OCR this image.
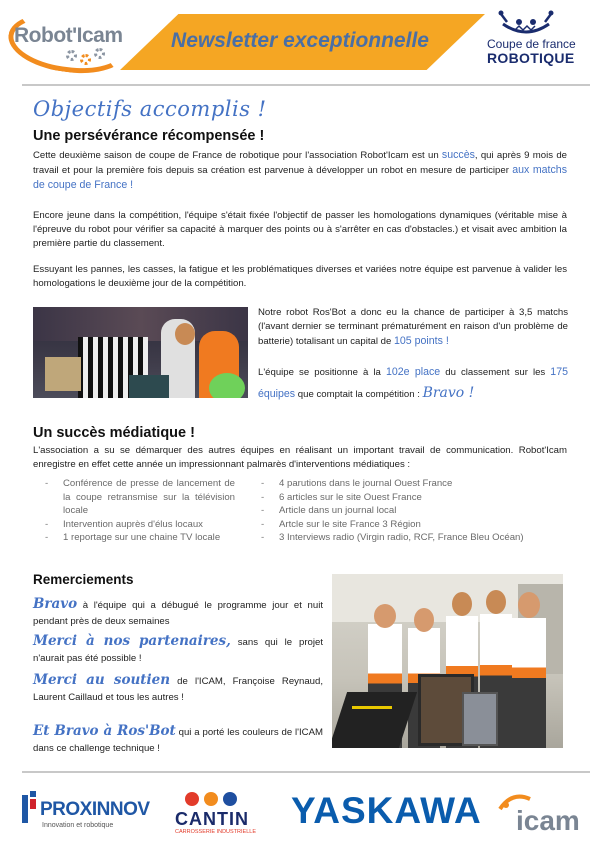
Robot'Icam	Newsletter exceptionnelle	Coupe de france
ROBOTIQUE
Objectifs accomplis !
Une persévérance récompensée !
Cette deuxième saison de coupe de France de robotique pour l'association Robot'Icam est un succès, qui après 9 mois de travail et pour la première fois depuis sa création est parvenue à développer un robot en mesure de participer aux matchs de coupe de France !
Encore jeune dans la compétition, l'équipe s'était fixée l'objectif de passer les homologations dynamiques (véritable mise à l'épreuve du robot pour vérifier sa capacité à marquer des points ou à s'arrêter en cas d'obstacles.) et visait avec ambition la première partie du classement.
Essuyant les pannes, les casses, la fatigue et les problématiques diverses et variées notre équipe est parvenue à valider les homologations le deuxième jour de la compétition.
Notre robot Ros'Bot a donc eu la chance de participer à 3,5 matchs (l'avant dernier se terminant prématurément en raison d'un problème de batterie) totalisant un capital de 105 points !
L'équipe se positionne à la 102e place du classement sur les 175 équipes que comptait la compétition : Bravo !
Un succès médiatique !
L'association a su se démarquer des autres équipes en réalisant un important travail de communication. Robot'Icam enregistre en effet cette année un impressionnant palmarès d'interventions médiatiques :
- Conférence de presse de lancement de la coupe retransmise sur la télévision locale
- Intervention auprès d'élus locaux
- 1 reportage sur une chaine TV locale
- 4 parutions dans le journal Ouest France
- 6 articles sur le site Ouest France
- Article dans un journal local
- Artcle sur le site France 3 Région
- 3 Interviews radio (Virgin radio, RCF, France Bleu Océan)
Remerciements
Bravo à l'équipe qui a débugué le programme jour et nuit pendant près de deux semaines
Merci à nos partenaires, sans qui le projet n'aurait pas été possible !
Merci au soutien de l'ICAM, Françoise Reynaud, Laurent Caillaud et tous les autres !
Et Bravo à Ros'Bot qui a porté les couleurs de l'ICAM dans ce challenge technique !
PROXINNOV
Innovation et robotique	CANTIN
CARROSSERIE INDUSTRIELLE
YASKAWA icam
